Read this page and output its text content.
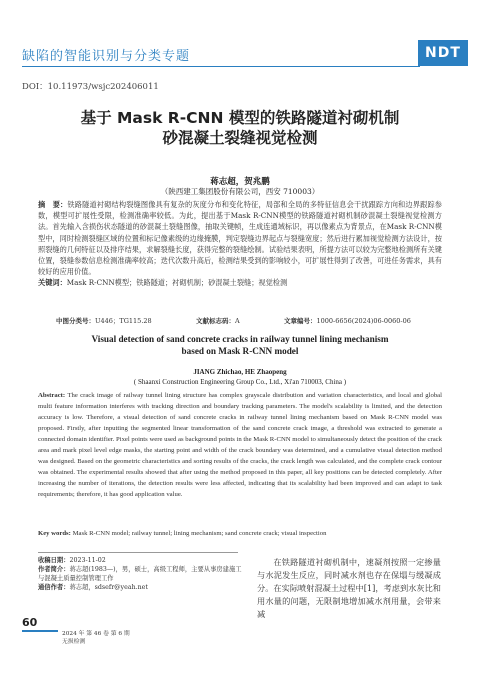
缺陷的智能识别与分类专题	NDT
DOI：10.11973/wsjc202406011
基于 Mask R-CNN 模型的铁路隧道衬砌机制
砂混凝土裂缝视觉检测
蒋志超，贺兆鹏
（陕西建工集团股份有限公司，西安 710003）
摘　要：铁路隧道衬砌结构裂缝图像具有复杂的灰度分布和变化特征，局部和全局的多特征信息会干扰跟踪方向和边界跟踪参数，模型可扩展性受限，检测准确率较低。为此，提出基于Mask R-CNN模型的铁路隧道衬砌机制砂混凝土裂缝视觉检测方法。首先输入含损伤状态隧道的砂混凝土裂缝图像，抽取关键帧，生成连通域标识，再以像素点为背景点，在Mask R-CNN模型中，同时检测裂缝区域的位置和标记像素级的边缘掩膜，判定裂缝边界起点与裂缝宽度；然后进行累加视觉检测方法设计，按照裂缝的几何特征以及排序结果，求解裂缝长度，获得完整的裂缝绘制。试验结果表明，所提方法可以较为完整地检测所有关键位置，裂缝参数信息检测准确率较高；迭代次数升高后，检测结果受到的影响较小，可扩展性得到了改善，可进任务需求，具有较好的应用价值。
关键词：Mask R-CNN模型；铁路隧道；衬砌机制；砂混凝土裂缝；视觉检测
中图分类号：U446；TG115.28	文献标志码：A	文章编号：1000-6656(2024)06-0060-06
Visual detection of sand concrete cracks in railway tunnel lining mechanism
based on Mask R-CNN model
JIANG Zhichao, HE Zhaopeng
( Shaanxi Construction Engineering Group Co., Ltd., Xi'an 710003, China )
Abstract: The crack image of railway tunnel lining structure has complex grayscale distribution and variation characteristics, and local and global multi feature information interferes with tracking direction and boundary tracking parameters. The model's scalability is limited, and the detection accuracy is low. Therefore, a visual detection of sand concrete cracks in railway tunnel lining mechanism based on Mask R-CNN model was proposed. Firstly, after inputting the segmented linear transformation of the sand concrete crack image, a threshold was extracted to generate a connected domain identifier. Pixel points were used as background points in the Mask R-CNN model to simultaneously detect the position of the crack area and mark pixel level edge masks, the starting point and width of the crack boundary was determined, and a cumulative visual detection method was designed. Based on the geometric characteristics and sorting results of the cracks, the crack length was calculated, and the complete crack contour was obtained. The experimental results showed that after using the method proposed in this paper, all key positions can be detected completely. After increasing the number of iterations, the detection results were less affected, indicating that its scalability had been improved and can adapt to task requirements; therefore, it has good application value.
Key words: Mask R-CNN model; railway tunnel; lining mechanism; sand concrete crack; visual inspection
收稿日期：2023-11-02
作者简介：蒋志超(1983—)，男，硕士，高级工程师，主要从事房建施工与混凝土质量控制管理工作
通信作者：蒋志超，sdsefr@yeah.net
在铁路隧道衬砌机制中，速凝剂按照一定掺量与水泥发生反应，同时减水剂也存在保塌与缓凝成分。在实际喷射混凝土过程中[1]，考虑到水灰比和用水量的问题，无限制地增加减水剂用量，会带来减
60
2024 年 第 46 卷 第 6 期
无损检测
